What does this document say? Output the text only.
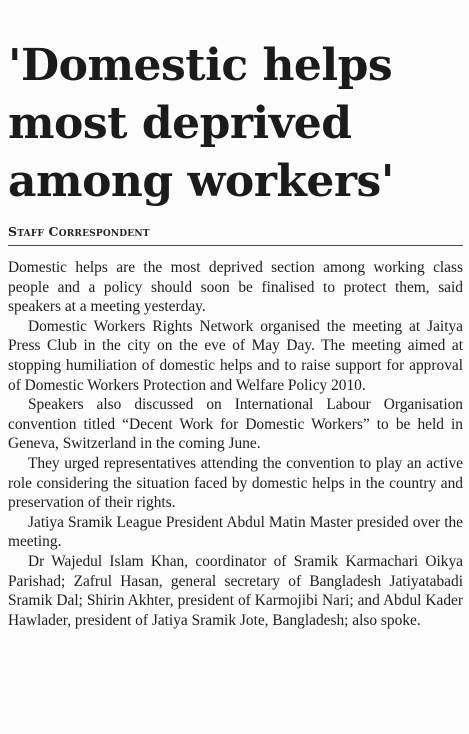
'Domestic helps
most deprived
among workers'
Staff Correspondent

Domestic helps are the most deprived section among working class people and a policy should soon be finalised to protect them, said speakers at a meeting yesterday.

Domestic Workers Rights Network organised the meeting at Jaitya Press Club in the city on the eve of May Day. The meeting aimed at stopping humiliation of domestic helps and to raise support for approval of Domestic Workers Protection and Welfare Policy 2010.

Speakers also discussed on International Labour Organisation convention titled “Decent Work for Domestic Workers” to be held in Geneva, Switzerland in the coming June.

They urged representatives attending the convention to play an active role considering the situation faced by domestic helps in the country and preservation of their rights.

Jatiya Sramik League President Abdul Matin Master presided over the meeting.

Dr Wajedul Islam Khan, coordinator of Sramik Karmachari Oikya Parishad; Zafrul Hasan, general secretary of Bangladesh Jatiyatabadi Sramik Dal; Shirin Akhter, president of Karmojibi Nari; and Abdul Kader Hawlader, president of Jatiya Sramik Jote, Bangladesh; also spoke.
